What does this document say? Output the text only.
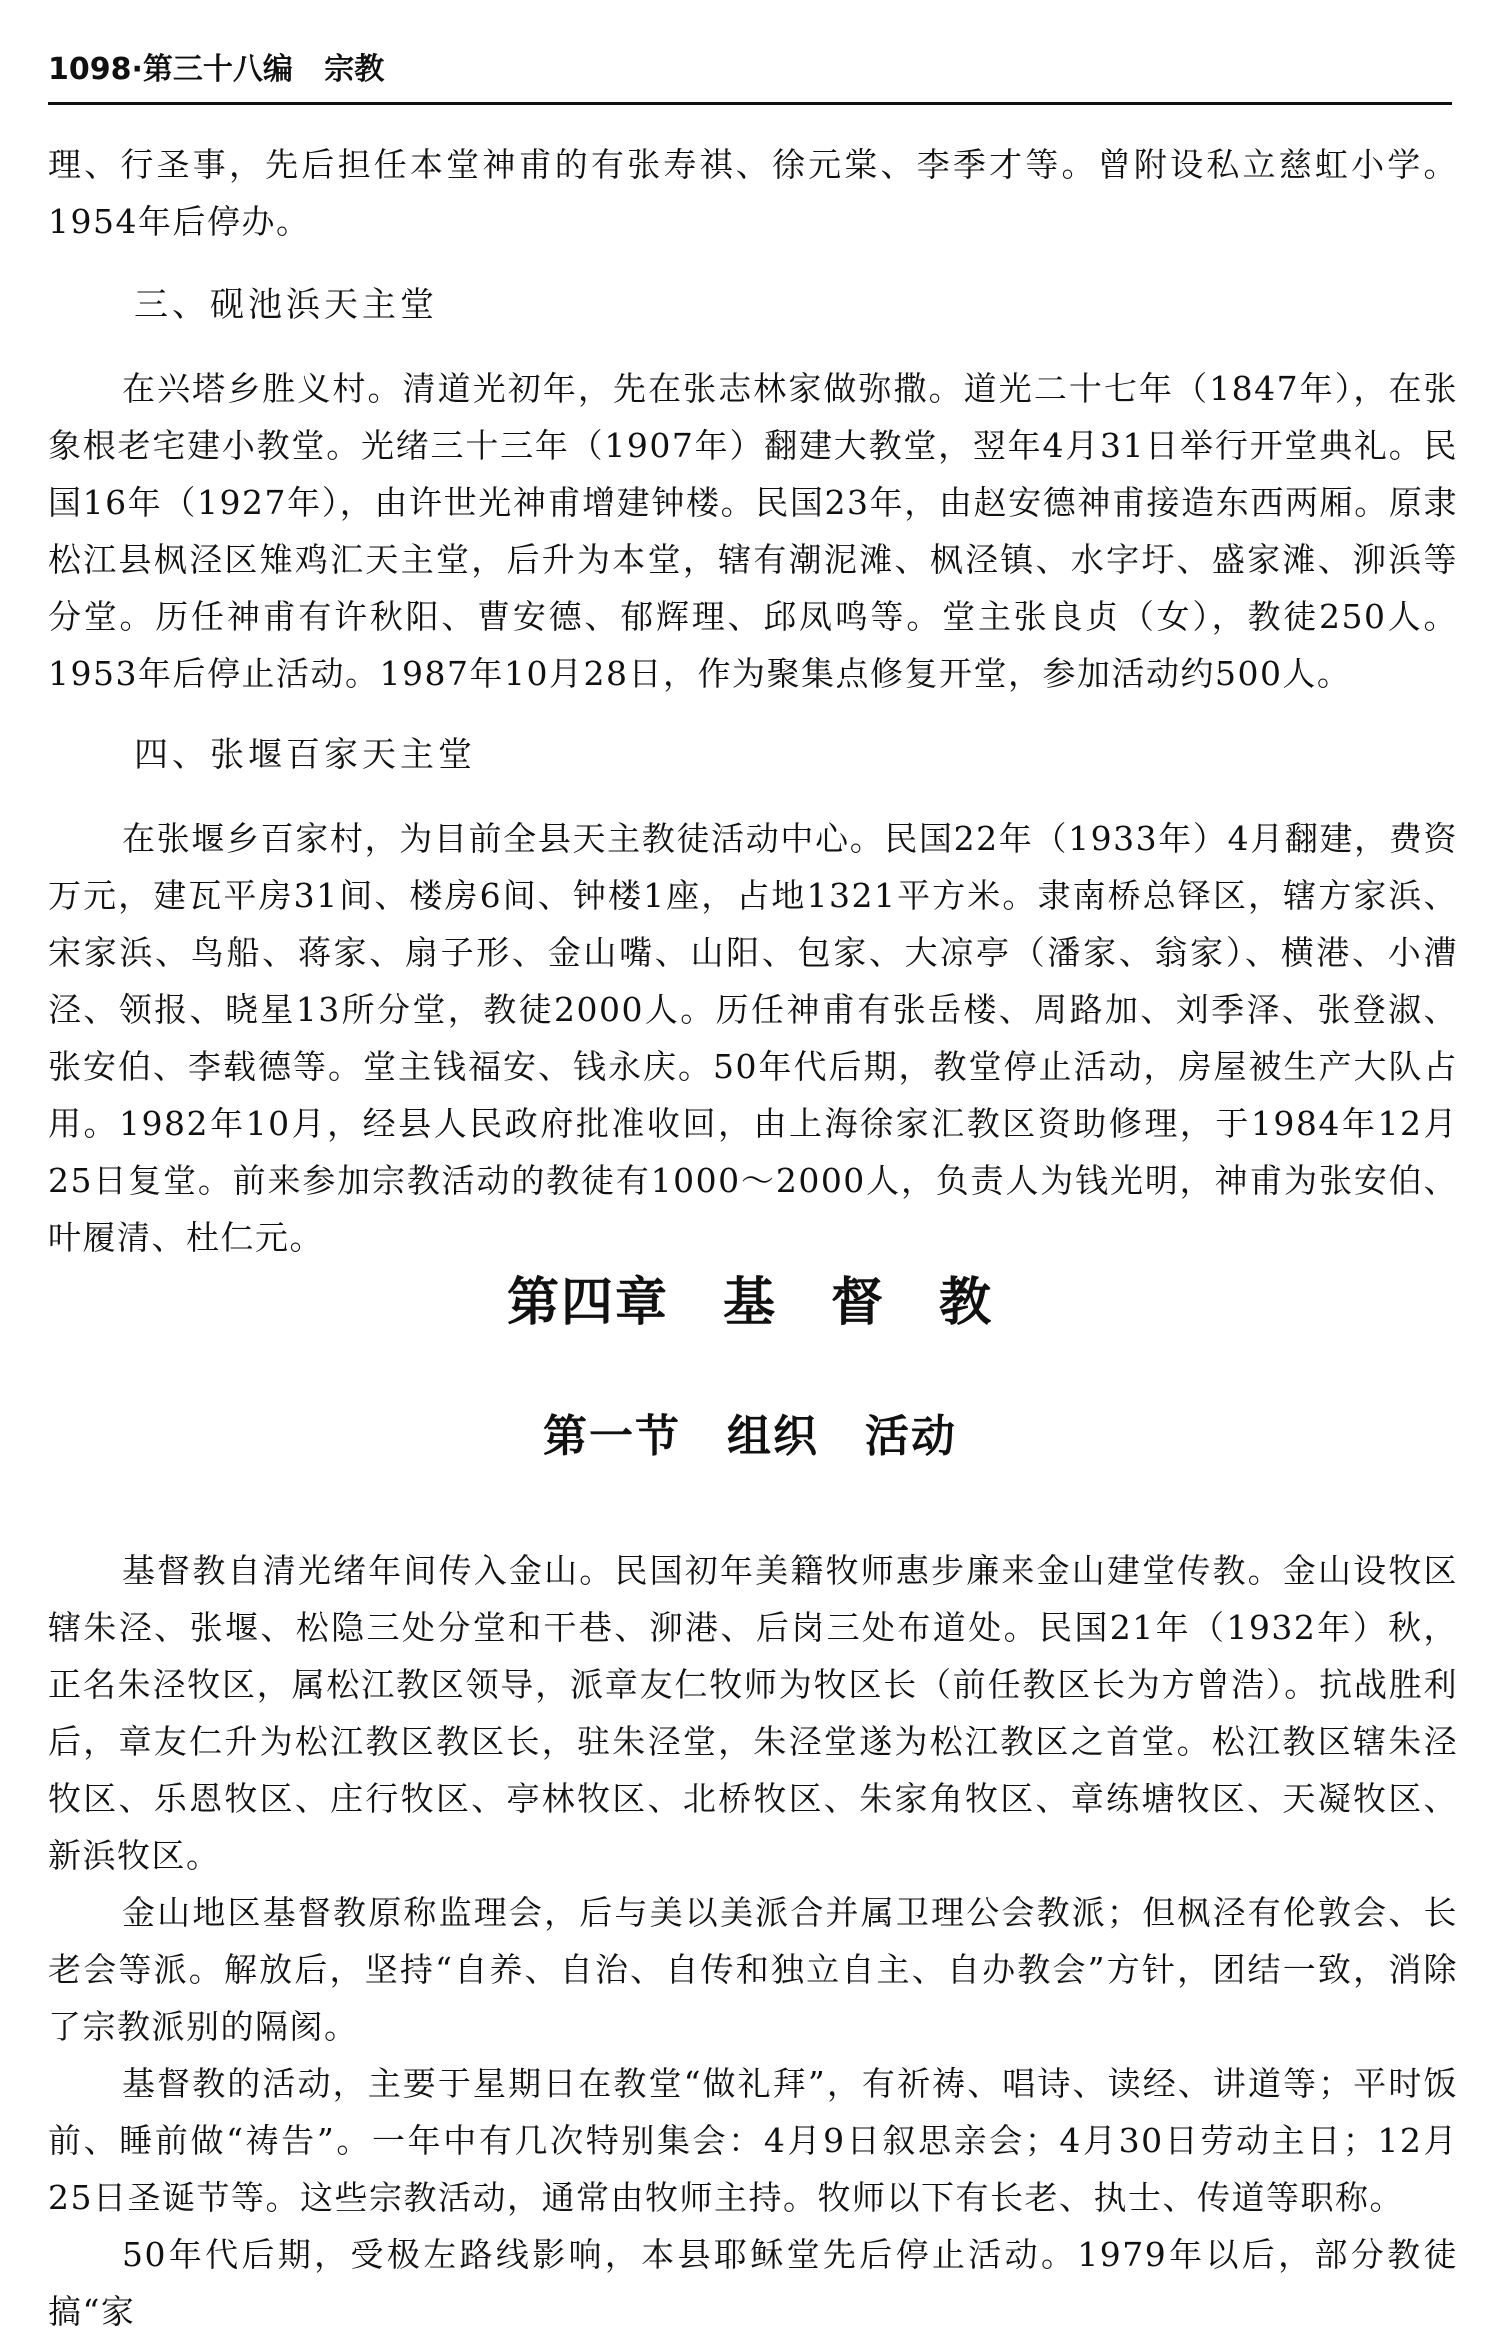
1098·第三十八编 宗教

理、行圣事，先后担任本堂神甫的有张寿祺、徐元棠、李季才等。曾附设私立慈虹小学。1954年后停办。

三、砚池浜天主堂

在兴塔乡胜义村。清道光初年，先在张志林家做弥撒。道光二十七年（1847年），在张象根老宅建小教堂。光绪三十三年（1907年）翻建大教堂，翌年4月31日举行开堂典礼。民国16年（1927年），由许世光神甫增建钟楼。民国23年，由赵安德神甫接造东西两厢。原隶松江县枫泾区雉鸡汇天主堂，后升为本堂，辖有潮泥滩、枫泾镇、水字圩、盛家滩、泖浜等分堂。历任神甫有许秋阳、曹安德、郁辉理、邱凤鸣等。堂主张良贞（女），教徒250人。1953年后停止活动。1987年10月28日，作为聚集点修复开堂，参加活动约500人。

四、张堰百家天主堂

在张堰乡百家村，为目前全县天主教徒活动中心。民国22年（1933年）4月翻建，费资万元，建瓦平房31间、楼房6间、钟楼1座，占地1321平方米。隶南桥总铎区，辖方家浜、宋家浜、鸟船、蒋家、扇子形、金山嘴、山阳、包家、大凉亭（潘家、翁家）、横港、小漕泾、领报、晓星13所分堂，教徒2000人。历任神甫有张岳楼、周路加、刘季泽、张登淑、张安伯、李载德等。堂主钱福安、钱永庆。50年代后期，教堂停止活动，房屋被生产大队占用。1982年10月，经县人民政府批准收回，由上海徐家汇教区资助修理，于1984年12月25日复堂。前来参加宗教活动的教徒有1000～2000人，负责人为钱光明，神甫为张安伯、叶履清、杜仁元。

第四章　基　督　教
第一节　组织　活动

基督教自清光绪年间传入金山。民国初年美籍牧师惠步廉来金山建堂传教。金山设牧区辖朱泾、张堰、松隐三处分堂和干巷、泖港、后岗三处布道处。民国21年（1932年）秋，正名朱泾牧区，属松江教区领导，派章友仁牧师为牧区长（前任教区长为方曾浩）。抗战胜利后，章友仁升为松江教区教区长，驻朱泾堂，朱泾堂遂为松江教区之首堂。松江教区辖朱泾牧区、乐恩牧区、庄行牧区、亭林牧区、北桥牧区、朱家角牧区、章练塘牧区、天凝牧区、新浜牧区。

金山地区基督教原称监理会，后与美以美派合并属卫理公会教派；但枫泾有伦敦会、长老会等派。解放后，坚持“自养、自治、自传和独立自主、自办教会”方针，团结一致，消除了宗教派别的隔阂。

基督教的活动，主要于星期日在教堂“做礼拜”，有祈祷、唱诗、读经、讲道等；平时饭前、睡前做“祷告”。一年中有几次特别集会：4月9日叙思亲会；4月30日劳动主日；12月25日圣诞节等。这些宗教活动，通常由牧师主持。牧师以下有长老、执士、传道等职称。

50年代后期，受极左路线影响，本县耶稣堂先后停止活动。1979年以后，部分教徒搞“家
